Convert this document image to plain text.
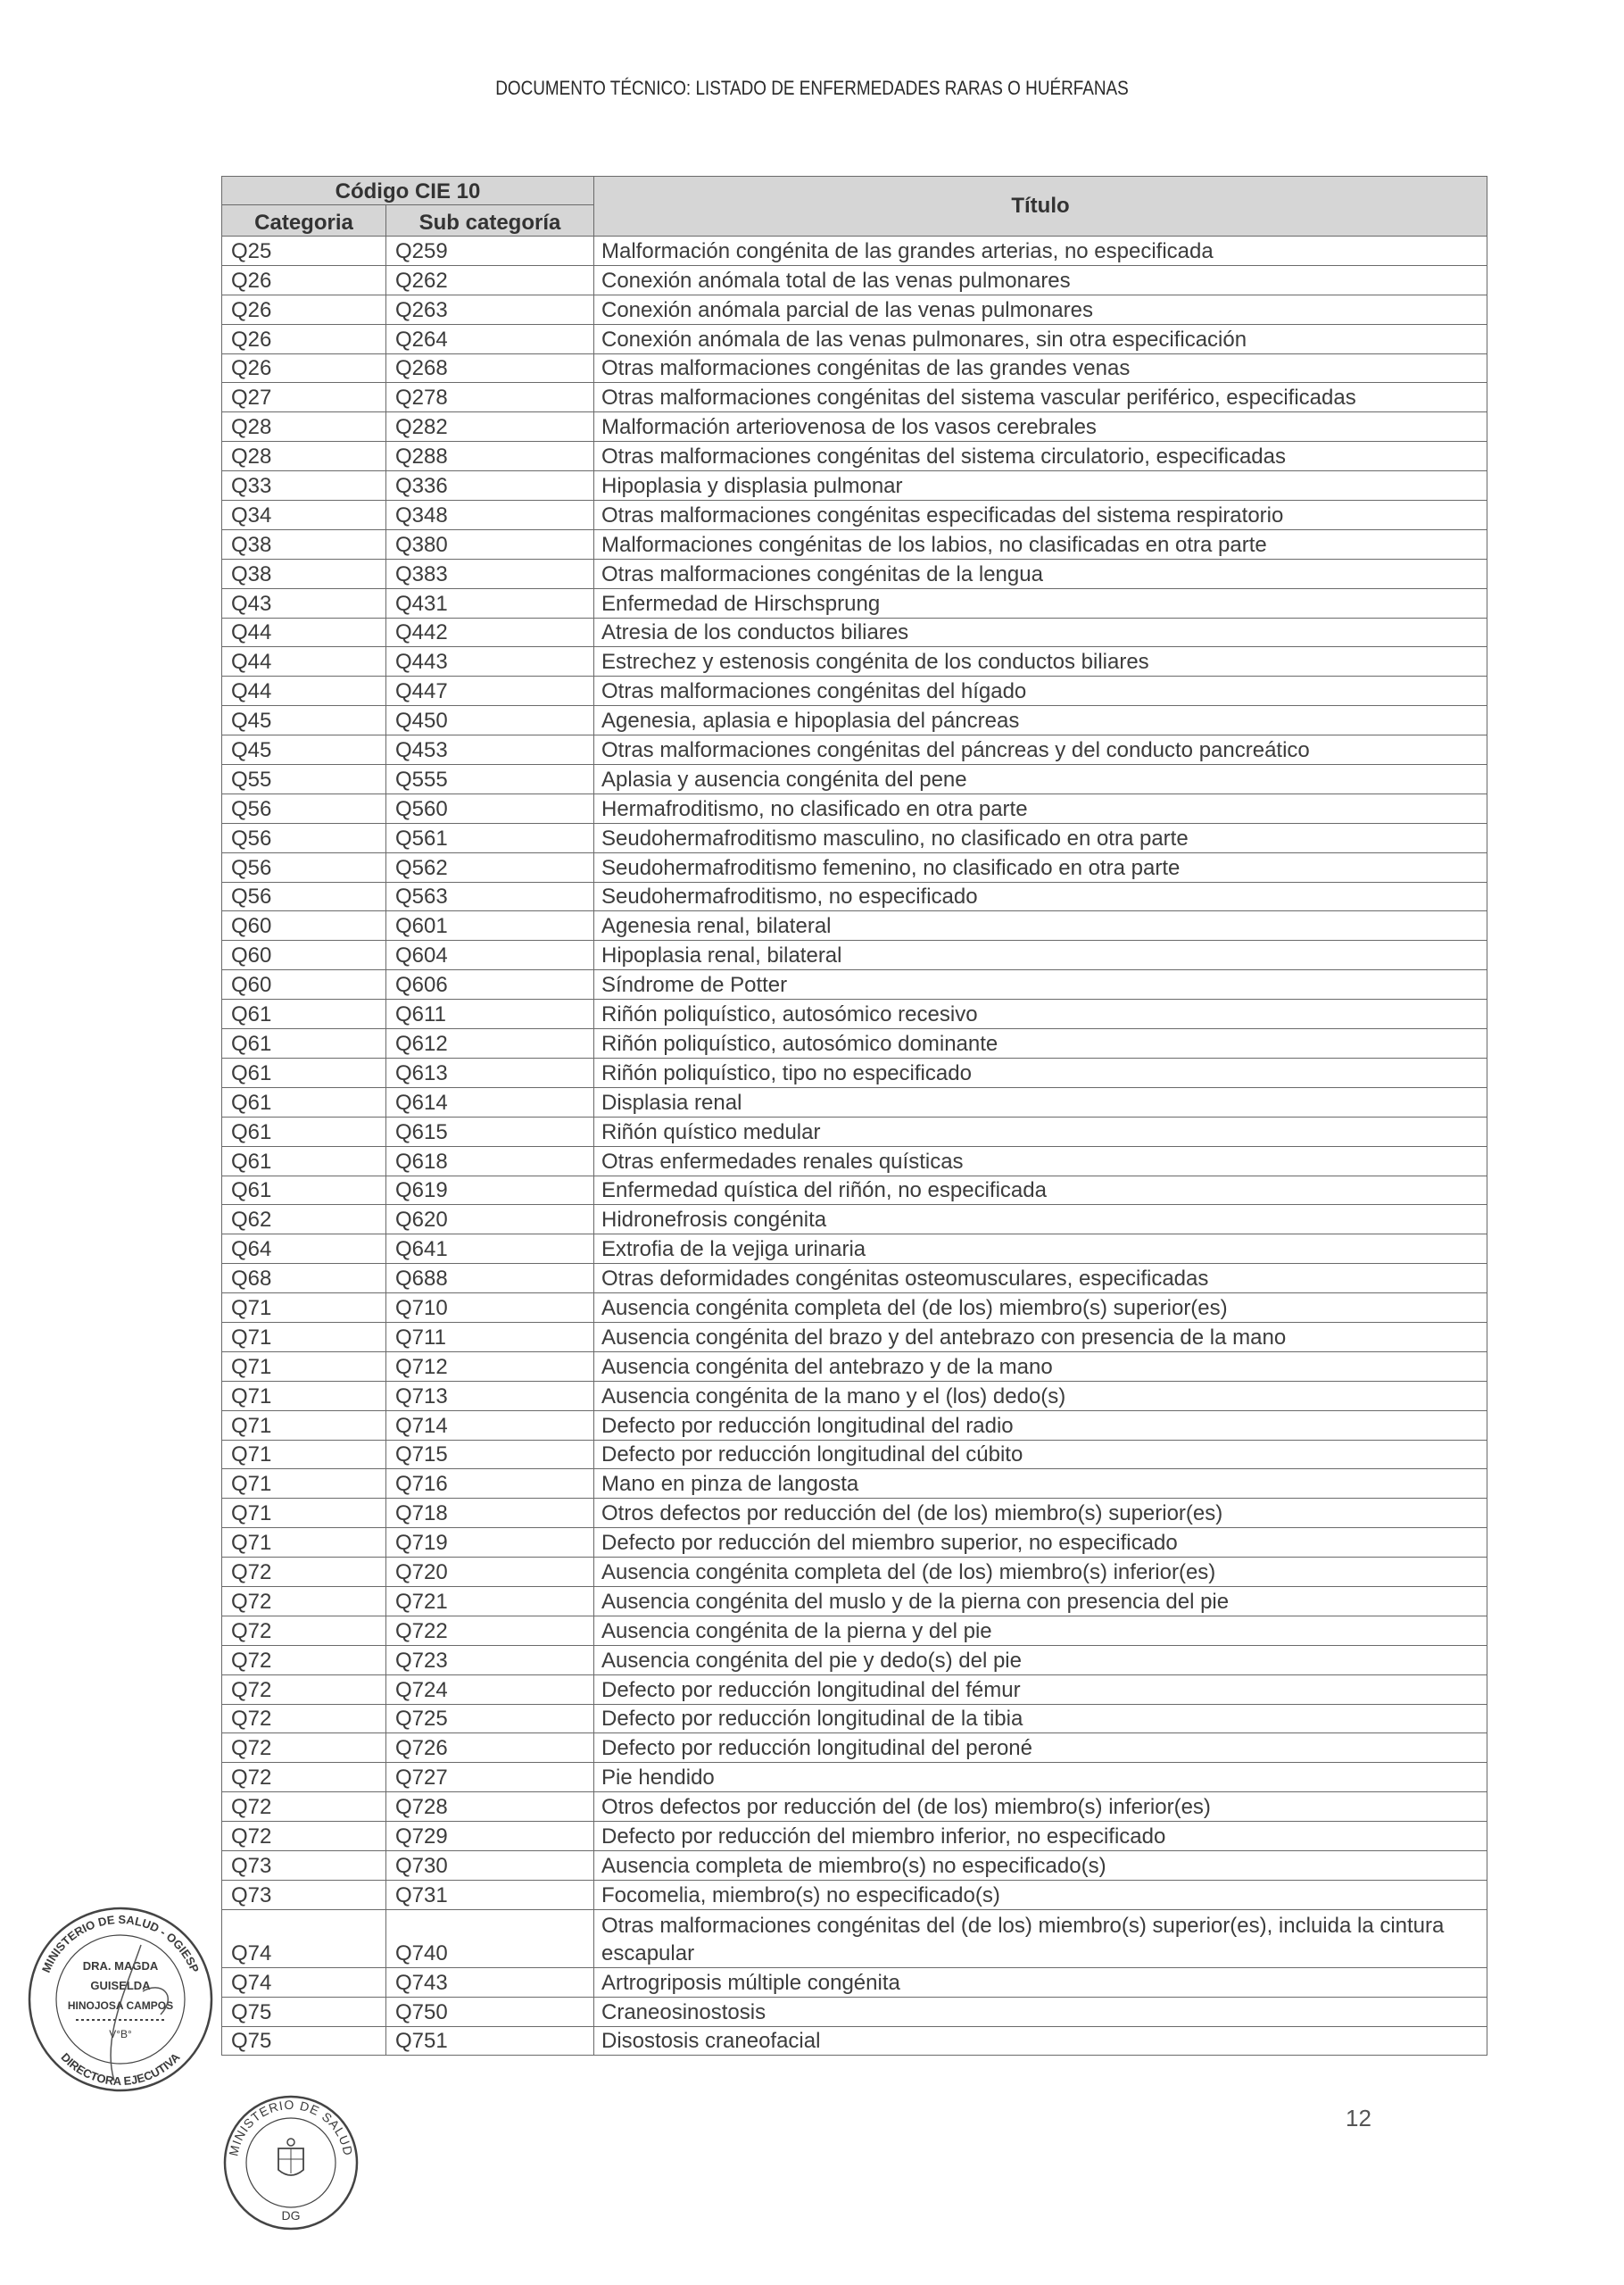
DOCUMENTO TÉCNICO: LISTADO DE ENFERMEDADES RARAS O HUÉRFANAS
Código CIE 10		Título
Categoria	Sub categoría	
Q25	Q259	Malformación congénita de las grandes arterias, no especificada
Q26	Q262	Conexión anómala total de las venas pulmonares
Q26	Q263	Conexión anómala parcial de las venas pulmonares
Q26	Q264	Conexión anómala de las venas pulmonares, sin otra especificación
Q26	Q268	Otras malformaciones congénitas de las grandes venas
Q27	Q278	Otras malformaciones congénitas del sistema vascular periférico, especificadas
Q28	Q282	Malformación arteriovenosa de los vasos cerebrales
Q28	Q288	Otras malformaciones congénitas del sistema circulatorio, especificadas
Q33	Q336	Hipoplasia y displasia pulmonar
Q34	Q348	Otras malformaciones congénitas especificadas del sistema respiratorio
Q38	Q380	Malformaciones congénitas de los labios, no clasificadas en otra parte
Q38	Q383	Otras malformaciones congénitas de la lengua
Q43	Q431	Enfermedad de Hirschsprung
Q44	Q442	Atresia de los conductos biliares
Q44	Q443	Estrechez y estenosis congénita de los conductos biliares
Q44	Q447	Otras malformaciones congénitas del hígado
Q45	Q450	Agenesia, aplasia e hipoplasia del páncreas
Q45	Q453	Otras malformaciones congénitas del páncreas y del conducto pancreático
Q55	Q555	Aplasia y ausencia congénita del pene
Q56	Q560	Hermafroditismo, no clasificado en otra parte
Q56	Q561	Seudohermafroditismo masculino, no clasificado en otra parte
Q56	Q562	Seudohermafroditismo femenino, no clasificado en otra parte
Q56	Q563	Seudohermafroditismo, no especificado
Q60	Q601	Agenesia renal, bilateral
Q60	Q604	Hipoplasia renal, bilateral
Q60	Q606	Síndrome de Potter
Q61	Q611	Riñón poliquístico, autosómico recesivo
Q61	Q612	Riñón poliquístico, autosómico dominante
Q61	Q613	Riñón poliquístico, tipo no especificado
Q61	Q614	Displasia renal
Q61	Q615	Riñón quístico medular
Q61	Q618	Otras enfermedades renales quísticas
Q61	Q619	Enfermedad quística del riñón, no especificada
Q62	Q620	Hidronefrosis congénita
Q64	Q641	Extrofia de la vejiga urinaria
Q68	Q688	Otras deformidades congénitas osteomusculares, especificadas
Q71	Q710	Ausencia congénita completa del (de los) miembro(s) superior(es)
Q71	Q711	Ausencia congénita del brazo y del antebrazo con presencia de la mano
Q71	Q712	Ausencia congénita del antebrazo y de la mano
Q71	Q713	Ausencia congénita de la mano y el (los) dedo(s)
Q71	Q714	Defecto por reducción longitudinal del radio
Q71	Q715	Defecto por reducción longitudinal del cúbito
Q71	Q716	Mano en pinza de langosta
Q71	Q718	Otros defectos por reducción del (de los) miembro(s) superior(es)
Q71	Q719	Defecto por reducción del miembro superior, no especificado
Q72	Q720	Ausencia congénita completa del (de los) miembro(s) inferior(es)
Q72	Q721	Ausencia congénita del muslo y de la pierna con presencia del pie
Q72	Q722	Ausencia congénita de la pierna y del pie
Q72	Q723	Ausencia congénita del pie y dedo(s) del pie
Q72	Q724	Defecto por reducción longitudinal del fémur
Q72	Q725	Defecto por reducción longitudinal de la tibia
Q72	Q726	Defecto por reducción longitudinal del peroné
Q72	Q727	Pie hendido
Q72	Q728	Otros defectos por reducción del (de los) miembro(s) inferior(es)
Q72	Q729	Defecto por reducción del miembro inferior, no especificado
Q73	Q730	Ausencia completa de miembro(s) no especificado(s)
Q73	Q731	Focomelia, miembro(s) no especificado(s)
Q74	Q740	Otras malformaciones congénitas del (de los) miembro(s) superior(es), incluida la cintura escapular
Q74	Q743	Artrogriposis múltiple congénita
Q75	Q750	Craneosinostosis
Q75	Q751	Disostosis craneofacial
12
MINISTERIO DE SALUD - OGIESP
DRA. MAGDA
GUISELDA
HINOJOSA CAMPOS
V°B°
DIRECTORA EJECUTIVA
MINISTERIO DE SALUD
DG
